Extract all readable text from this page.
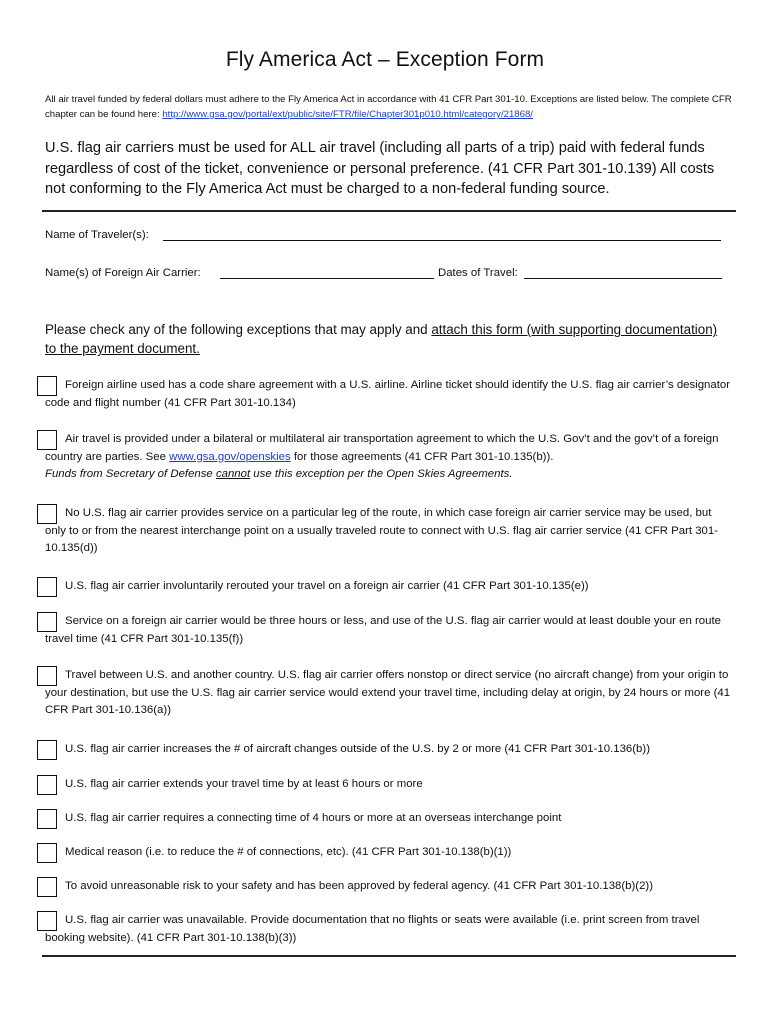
Fly America Act – Exception Form
All air travel funded by federal dollars must adhere to the Fly America Act in accordance with 41 CFR Part 301-10. Exceptions are listed below. The complete CFR chapter can be found here: http://www.gsa.gov/portal/ext/public/site/FTR/file/Chapter301p010.html/category/21868/
U.S. flag air carriers must be used for ALL air travel (including all parts of a trip) paid with federal funds regardless of cost of the ticket, convenience or personal preference. (41 CFR Part 301-10.139) All costs not conforming to the Fly America Act must be charged to a non-federal funding source.
Name of Traveler(s):
Name(s) of Foreign Air Carrier:	Dates of Travel:
Please check any of the following exceptions that may apply and attach this form (with supporting documentation) to the payment document.
Foreign airline used has a code share agreement with a U.S. airline. Airline ticket should identify the U.S. flag air carrier’s designator code and flight number (41 CFR Part 301-10.134)
Air travel is provided under a bilateral or multilateral air transportation agreement to which the U.S. Gov’t and the gov’t of a foreign country are parties. See www.gsa.gov/openskies for those agreements (41 CFR Part 301-10.135(b)).
Funds from Secretary of Defense cannot use this exception per the Open Skies Agreements.
No U.S. flag air carrier provides service on a particular leg of the route, in which case foreign air carrier service may be used, but only to or from the nearest interchange point on a usually traveled route to connect with U.S. flag air carrier service (41 CFR Part 301-10.135(d))
U.S. flag air carrier involuntarily rerouted your travel on a foreign air carrier (41 CFR Part 301-10.135(e))
Service on a foreign air carrier would be three hours or less, and use of the U.S. flag air carrier would at least double your en route travel time (41 CFR Part 301-10.135(f))
Travel between U.S. and another country. U.S. flag air carrier offers nonstop or direct service (no aircraft change) from your origin to your destination, but use the U.S. flag air carrier service would extend your travel time, including delay at origin, by 24 hours or more (41 CFR Part 301-10.136(a))
U.S. flag air carrier increases the # of aircraft changes outside of the U.S. by 2 or more (41 CFR Part 301-10.136(b))
U.S. flag air carrier extends your travel time by at least 6 hours or more
U.S. flag air carrier requires a connecting time of 4 hours or more at an overseas interchange point
Medical reason (i.e. to reduce the # of connections, etc). (41 CFR Part 301-10.138(b)(1))
To avoid unreasonable risk to your safety and has been approved by federal agency. (41 CFR Part 301-10.138(b)(2))
U.S. flag air carrier was unavailable. Provide documentation that no flights or seats were available (i.e. print screen from travel booking website). (41 CFR Part 301-10.138(b)(3))
